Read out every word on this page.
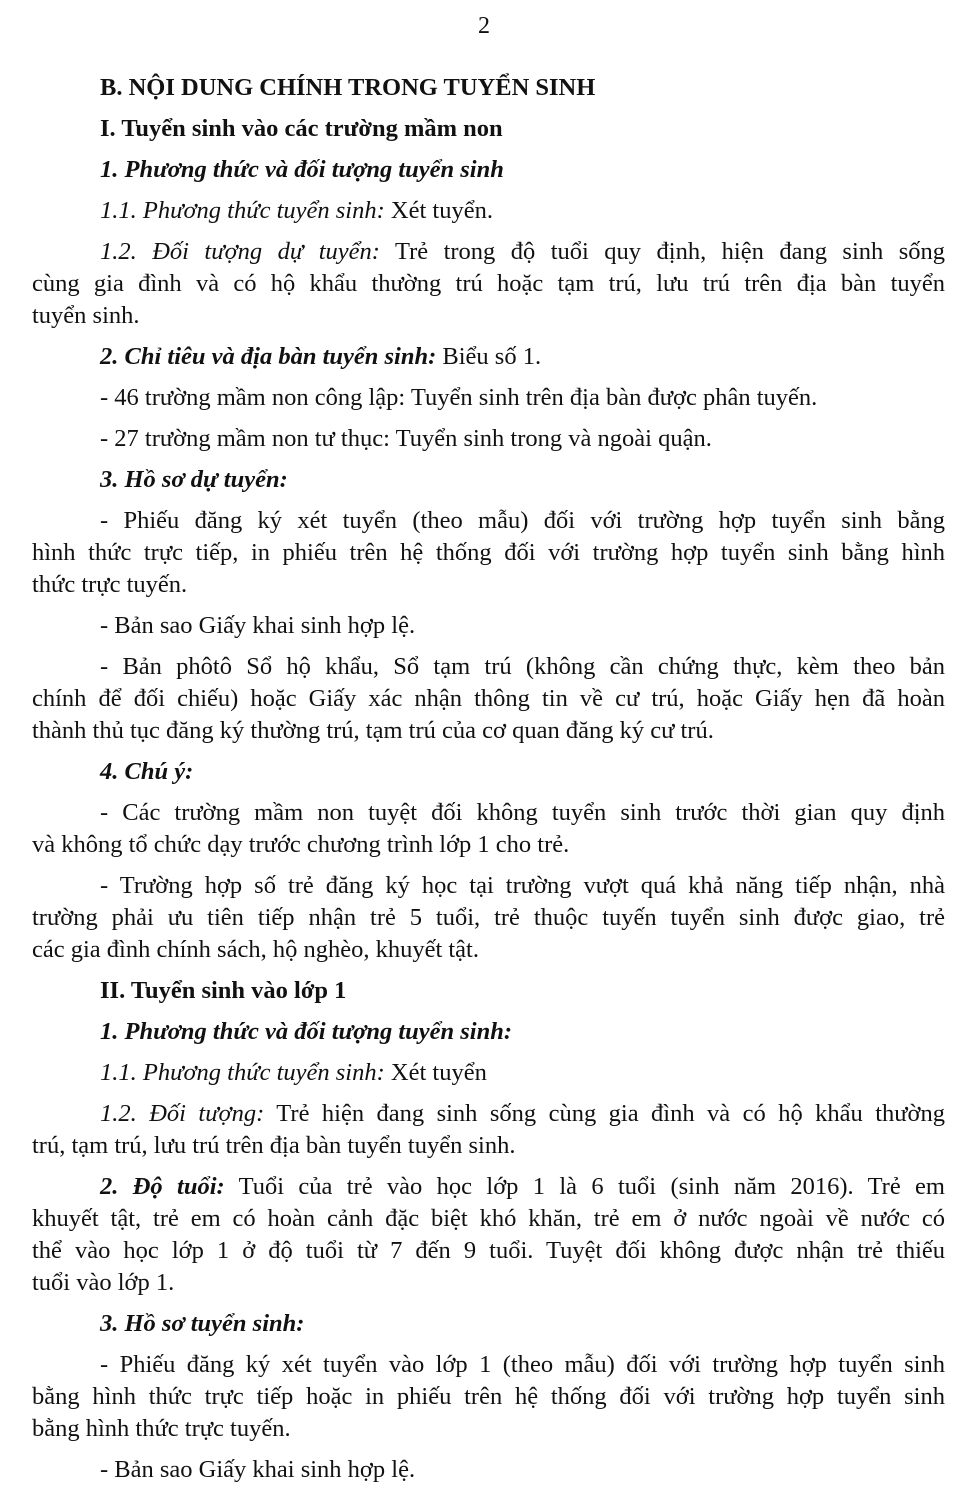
2
B. NỘI DUNG CHÍNH TRONG TUYỂN SINH
I. Tuyển sinh vào các trường mầm non
1. Phương thức và đối tượng tuyển sinh
1.1. Phương thức tuyển sinh: Xét tuyển.
1.2. Đối tượng dự tuyển: Trẻ trong độ tuổi quy định, hiện đang sinh sống
cùng gia đình và có hộ khẩu thường trú hoặc tạm trú, lưu trú trên địa bàn tuyển
tuyển sinh.
2. Chỉ tiêu và địa bàn tuyển sinh: Biểu số 1.
- 46 trường mầm non công lập: Tuyển sinh trên địa bàn được phân tuyến.
- 27 trường mầm non tư thục: Tuyển sinh trong và ngoài quận.
3. Hồ sơ dự tuyển:
- Phiếu đăng ký xét tuyển (theo mẫu) đối với trường hợp tuyển sinh bằng
hình thức trực tiếp, in phiếu trên hệ thống đối với trường hợp tuyển sinh bằng hình
thức trực tuyến.
- Bản sao Giấy khai sinh hợp lệ.
- Bản phôtô Sổ hộ khẩu, Sổ tạm trú (không cần chứng thực, kèm theo bản
chính để đối chiếu) hoặc Giấy xác nhận thông tin về cư trú, hoặc Giấy hẹn đã hoàn
thành thủ tục đăng ký thường trú, tạm trú của cơ quan đăng ký cư trú.
4. Chú ý:
- Các trường mầm non tuyệt đối không tuyển sinh trước thời gian quy định
và không tổ chức dạy trước chương trình lớp 1 cho trẻ.
- Trường hợp số trẻ đăng ký học tại trường vượt quá khả năng tiếp nhận, nhà
trường phải ưu tiên tiếp nhận trẻ 5 tuổi, trẻ thuộc tuyến tuyển sinh được giao, trẻ
các gia đình chính sách, hộ nghèo, khuyết tật.
II. Tuyển sinh vào lớp 1
1. Phương thức và đối tượng tuyển sinh:
1.1. Phương thức tuyển sinh: Xét tuyển
1.2. Đối tượng: Trẻ hiện đang sinh sống cùng gia đình và có hộ khẩu thường
trú, tạm trú, lưu trú trên địa bàn tuyển tuyển sinh.
2. Độ tuổi: Tuổi của trẻ vào học lớp 1 là 6 tuổi (sinh năm 2016). Trẻ em
khuyết tật, trẻ em có hoàn cảnh đặc biệt khó khăn, trẻ em ở nước ngoài về nước có
thể vào học lớp 1 ở độ tuổi từ 7 đến 9 tuổi. Tuyệt đối không được nhận trẻ thiếu
tuổi vào lớp 1.
3. Hồ sơ tuyển sinh:
- Phiếu đăng ký xét tuyển vào lớp 1 (theo mẫu) đối với trường hợp tuyển sinh
bằng hình thức trực tiếp hoặc in phiếu trên hệ thống đối với trường hợp tuyển sinh
bằng hình thức trực tuyến.
- Bản sao Giấy khai sinh hợp lệ.
